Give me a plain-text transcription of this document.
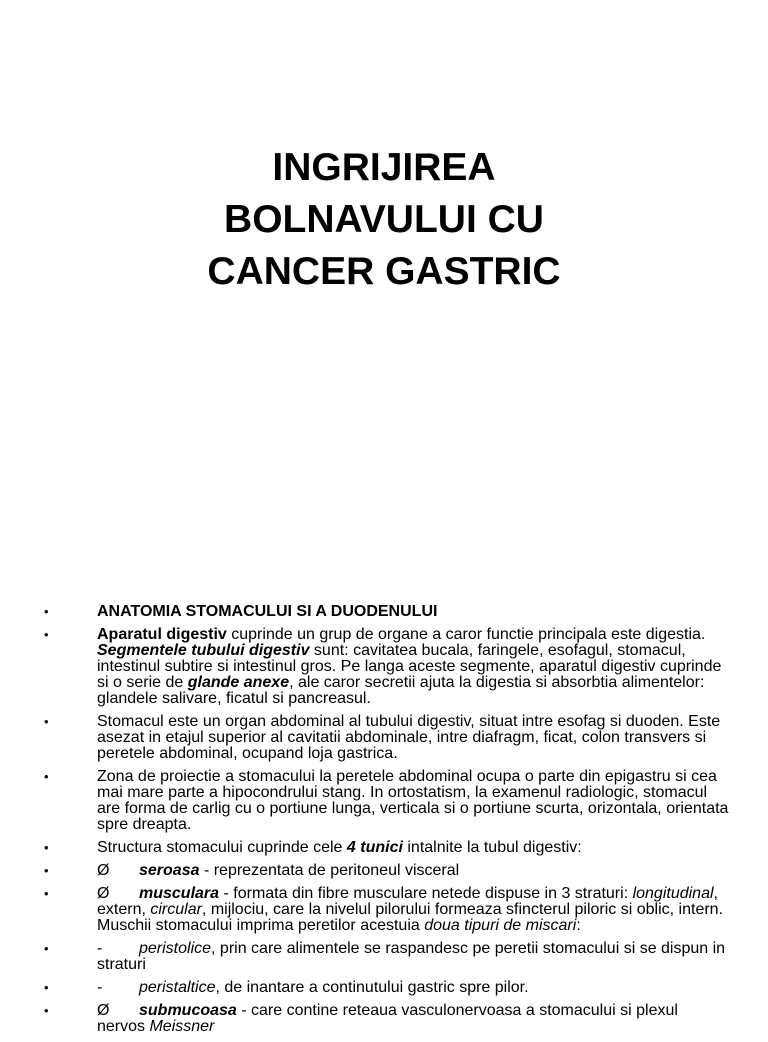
INGRIJIREA
BOLNAVULUI CU
CANCER GASTRIC
•	ANATOMIA STOMACULUI SI A DUODENULUI
•	Aparatul digestiv cuprinde un grup de organe a caror functie principala este digestia. Segmentele tubului digestiv sunt: cavitatea bucala, faringele, esofagul, stomacul, intestinul subtire si intestinul gros. Pe langa aceste segmente, aparatul digestiv cuprinde si o serie de glande anexe, ale caror secretii ajuta la digestia si absorbtia alimentelor: glandele salivare, ficatul si pancreasul.
•	Stomacul este un organ abdominal al tubului digestiv, situat intre esofag si duoden. Este asezat in etajul superior al cavitatii abdominale, intre diafragm, ficat, colon transvers si peretele abdominal, ocupand loja gastrica.
•	Zona de proiectie a stomacului la peretele abdominal ocupa o parte din epigastru si cea mai mare parte a hipocondrului stang. In ortostatism, la examenul radiologic, stomacul are forma de carlig cu o portiune lunga, verticala si o portiune scurta, orizontala, orientata spre dreapta.
•	Structura stomacului cuprinde cele 4 tunici intalnite la tubul digestiv:
•	Ø seroasa - reprezentata de peritoneul visceral
•	Ø musculara - formata din fibre musculare netede dispuse in 3 straturi: longitudinal, extern, circular, mijlociu, care la nivelul pilorului formeaza sfincterul piloric si oblic, intern. Muschii stomacului imprima peretilor acestuia doua tipuri de miscari:
•	- peristolice, prin care alimentele se raspandesc pe peretii stomacului si se dispun in straturi
•	- peristaltice, de inantare a continutului gastric spre pilor.
•	Ø submucoasa - care contine reteaua vasculonervoasa a stomacului si plexul nervos Meissner
